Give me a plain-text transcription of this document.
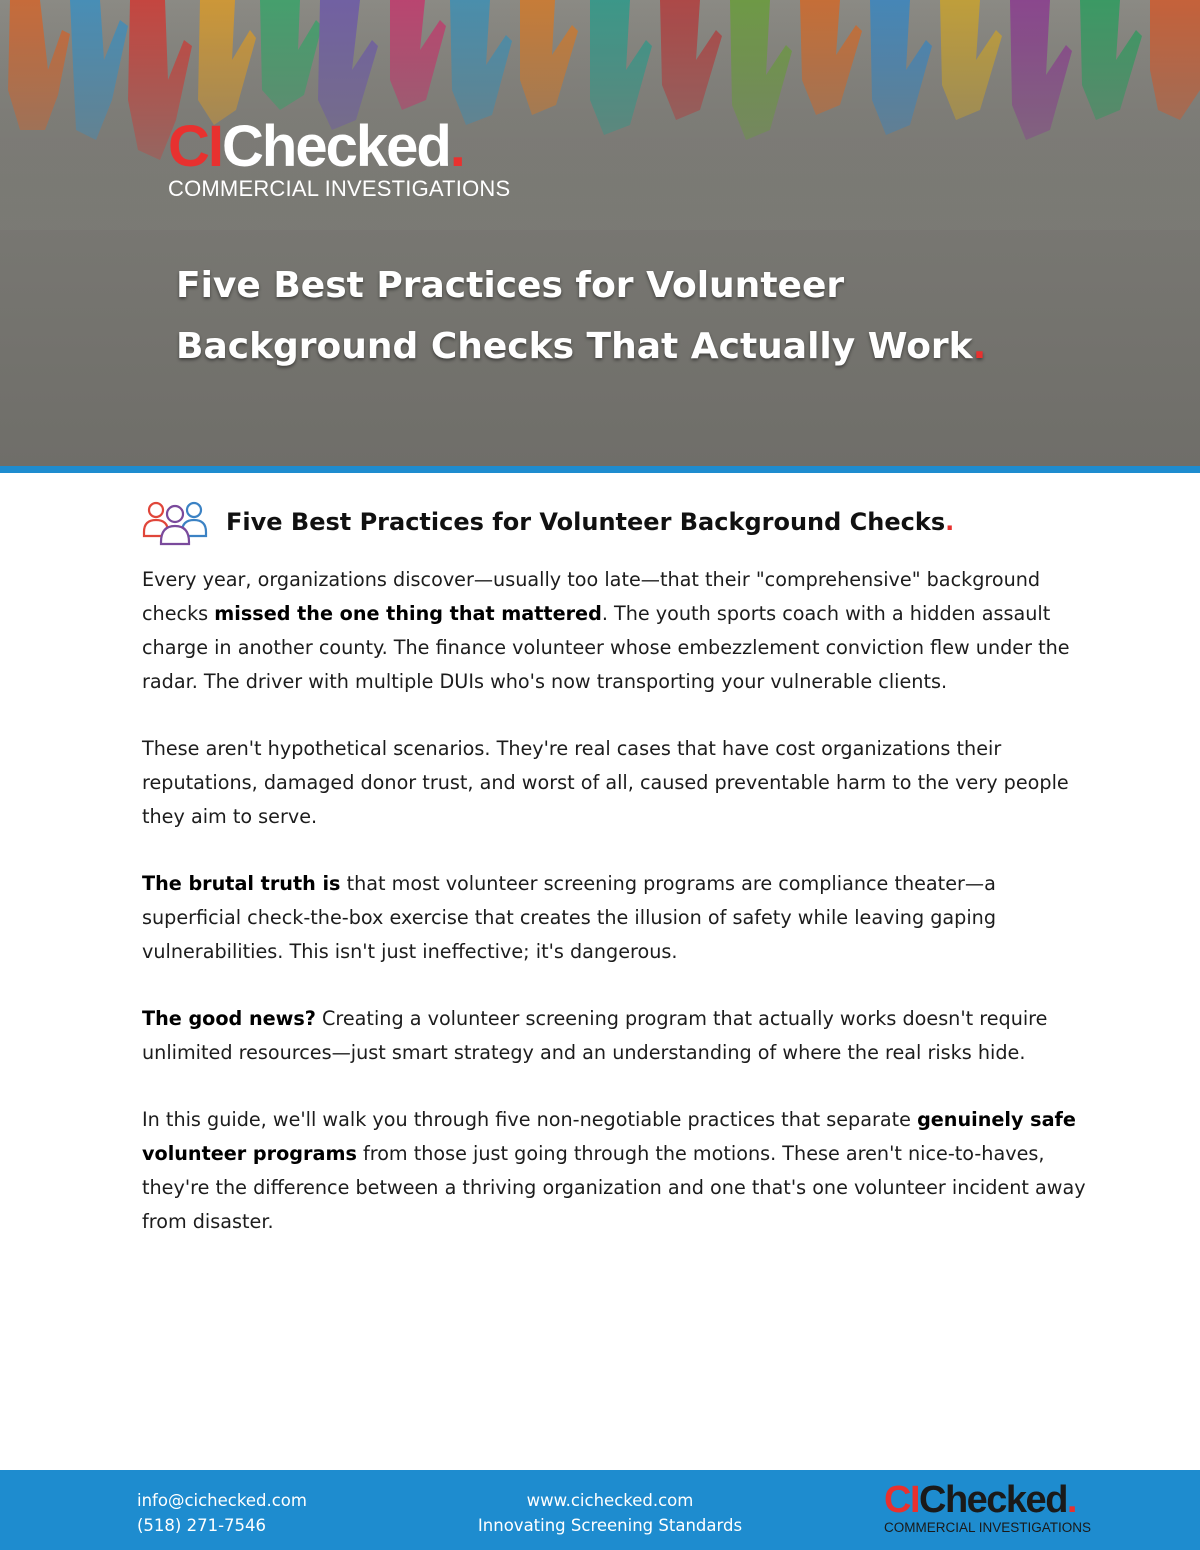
CIChecked.
COMMERCIAL INVESTIGATIONS
Five Best Practices for Volunteer
Background Checks That Actually Work.
Five Best Practices for Volunteer Background Checks.

Every year, organizations discover—usually too late—that their "comprehensive" background checks missed the one thing that mattered. The youth sports coach with a hidden assault charge in another county. The finance volunteer whose embezzlement conviction flew under the radar. The driver with multiple DUIs who's now transporting your vulnerable clients.

These aren't hypothetical scenarios. They're real cases that have cost organizations their reputations, damaged donor trust, and worst of all, caused preventable harm to the very people they aim to serve.

The brutal truth is that most volunteer screening programs are compliance theater—a superficial check-the-box exercise that creates the illusion of safety while leaving gaping vulnerabilities. This isn't just ineffective; it's dangerous.

The good news? Creating a volunteer screening program that actually works doesn't require unlimited resources—just smart strategy and an understanding of where the real risks hide.

In this guide, we'll walk you through five non-negotiable practices that separate genuinely safe volunteer programs from those just going through the motions. These aren't nice-to-haves, they're the difference between a thriving organization and one that's one volunteer incident away from disaster.

info@cichecked.com
(518) 271-7546
www.cichecked.com
Innovating Screening Standards
CIChecked.
COMMERCIAL INVESTIGATIONS
